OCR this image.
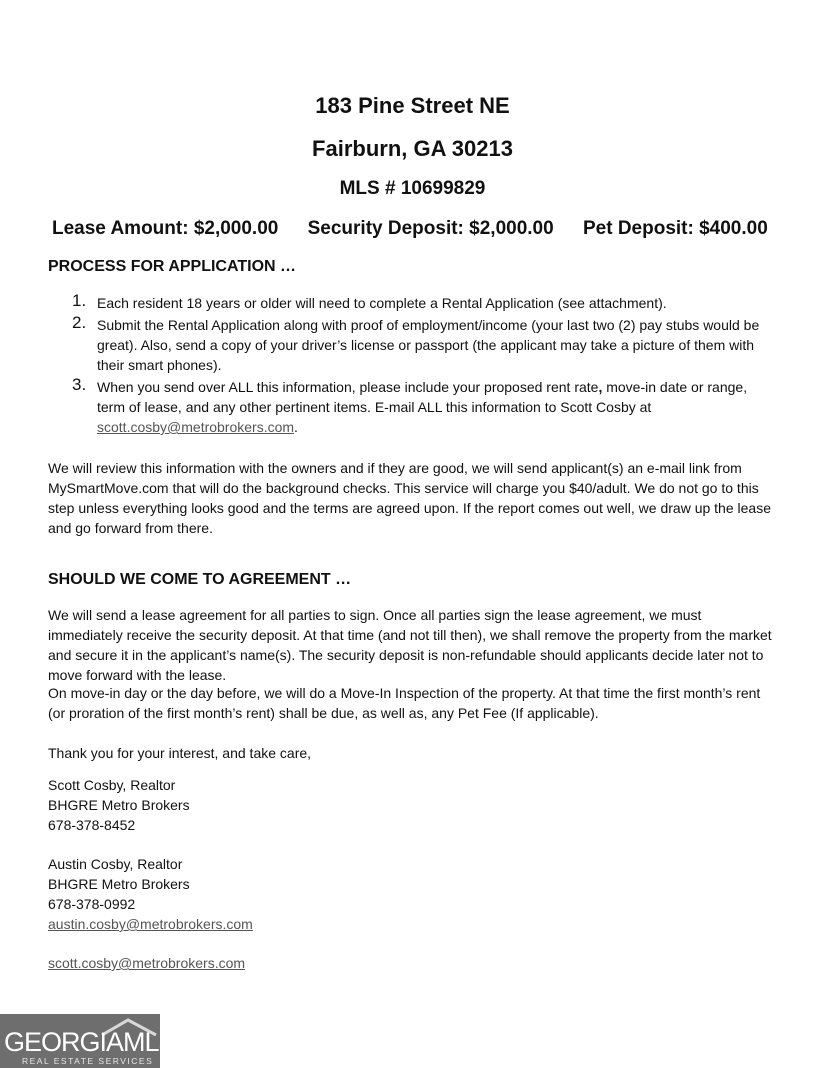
183 Pine Street NE
Fairburn, GA 30213
MLS # 10699829
Lease Amount: $2,000.00 Security Deposit: $2,000.00 Pet Deposit: $400.00
PROCESS FOR APPLICATION …
1. Each resident 18 years or older will need to complete a Rental Application (see attachment).
2. Submit the Rental Application along with proof of employment/income (your last two (2) pay stubs would be great). Also, send a copy of your driver’s license or passport (the applicant may take a picture of them with their smart phones).
3. When you send over ALL this information, please include your proposed rent rate, move-in date or range, term of lease, and any other pertinent items. E-mail ALL this information to Scott Cosby at scott.cosby@metrobrokers.com.
We will review this information with the owners and if they are good, we will send applicant(s) an e-mail link from MySmartMove.com that will do the background checks. This service will charge you $40/adult. We do not go to this step unless everything looks good and the terms are agreed upon. If the report comes out well, we draw up the lease and go forward from there.
SHOULD WE COME TO AGREEMENT …
We will send a lease agreement for all parties to sign. Once all parties sign the lease agreement, we must immediately receive the security deposit. At that time (and not till then), we shall remove the property from the market and secure it in the applicant’s name(s). The security deposit is non-refundable should applicants decide later not to move forward with the lease.
On move-in day or the day before, we will do a Move-In Inspection of the property. At that time the first month’s rent (or proration of the first month’s rent) shall be due, as well as, any Pet Fee (If applicable).
Thank you for your interest, and take care,
Scott Cosby, Realtor
BHGRE Metro Brokers
678-378-8452
Austin Cosby, Realtor
BHGRE Metro Brokers
678-378-0992
austin.cosby@metrobrokers.com
scott.cosby@metrobrokers.com
GEORGIAMLS
REAL ESTATE SERVICES
